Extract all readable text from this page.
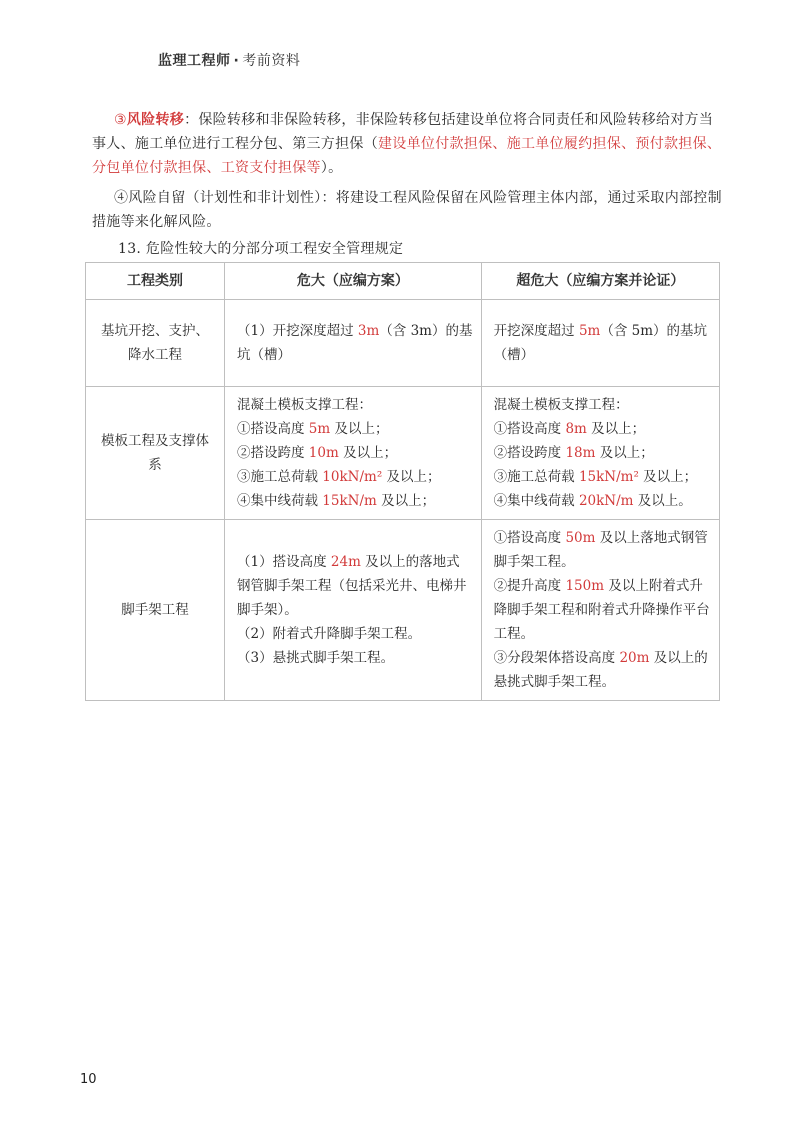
监理工程师 · 考前资料
③风险转移：保险转移和非保险转移，非保险转移包括建设单位将合同责任和风险转移给对方当事人、施工单位进行工程分包、第三方担保（建设单位付款担保、施工单位履约担保、预付款担保、分包单位付款担保、工资支付担保等）。
④风险自留（计划性和非计划性）：将建设工程风险保留在风险管理主体内部，通过采取内部控制措施等来化解风险。
13. 危险性较大的分部分项工程安全管理规定
工程类别	危大（应编方案）	超危大（应编方案并论证）
基坑开挖、支护、降水工程	（1）开挖深度超过 3m（含 3m）的基坑（槽）	开挖深度超过 5m（含 5m）的基坑（槽）
模板工程及支撑体系	混凝土模板支撑工程：
①搭设高度 5m 及以上；
②搭设跨度 10m 及以上；
③施工总荷载 10kN/m² 及以上；
④集中线荷载 15kN/m 及以上；	混凝土模板支撑工程：
①搭设高度 8m 及以上；
②搭设跨度 18m 及以上；
③施工总荷载 15kN/m² 及以上；
④集中线荷载 20kN/m 及以上。

脚手架工程	（1）搭设高度 24m 及以上的落地式钢管脚手架工程（包括采光井、电梯井脚手架）。
（2）附着式升降脚手架工程。
（3）悬挑式脚手架工程。	①搭设高度 50m 及以上落地式钢管脚手架工程。
②提升高度 150m 及以上附着式升降脚手架工程和附着式升降操作平台工程。
③分段架体搭设高度 20m 及以上的悬挑式脚手架工程。
10
